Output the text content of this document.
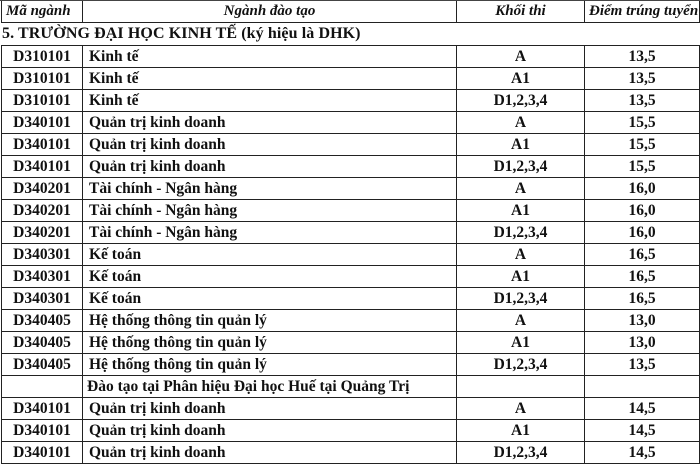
Mã ngành	Ngành đào tạo	Khối thi	Điểm trúng tuyển
5. TRƯỜNG ĐẠI HỌC KINH TẾ (ký hiệu là DHK)
D310101	Kinh tế	A	13,5
D310101	Kinh tế	A1	13,5
D310101	Kinh tế	D1,2,3,4	13,5
D340101	Quản trị kinh doanh	A	15,5
D340101	Quản trị kinh doanh	A1	15,5
D340101	Quản trị kinh doanh	D1,2,3,4	15,5
D340201	Tài chính - Ngân hàng	A	16,0
D340201	Tài chính - Ngân hàng	A1	16,0
D340201	Tài chính - Ngân hàng	D1,2,3,4	16,0
D340301	Kế toán	A	16,5
D340301	Kế toán	A1	16,5
D340301	Kế toán	D1,2,3,4	16,5
D340405	Hệ thống thông tin quản lý	A	13,0
D340405	Hệ thống thông tin quản lý	A1	13,0
D340405	Hệ thống thông tin quản lý	D1,2,3,4	13,5
	Đào tạo tại Phân hiệu Đại học Huế tại Quảng Trị		
D340101	Quản trị kinh doanh	A	14,5
D340101	Quản trị kinh doanh	A1	14,5
D340101	Quản trị kinh doanh	D1,2,3,4	14,5
